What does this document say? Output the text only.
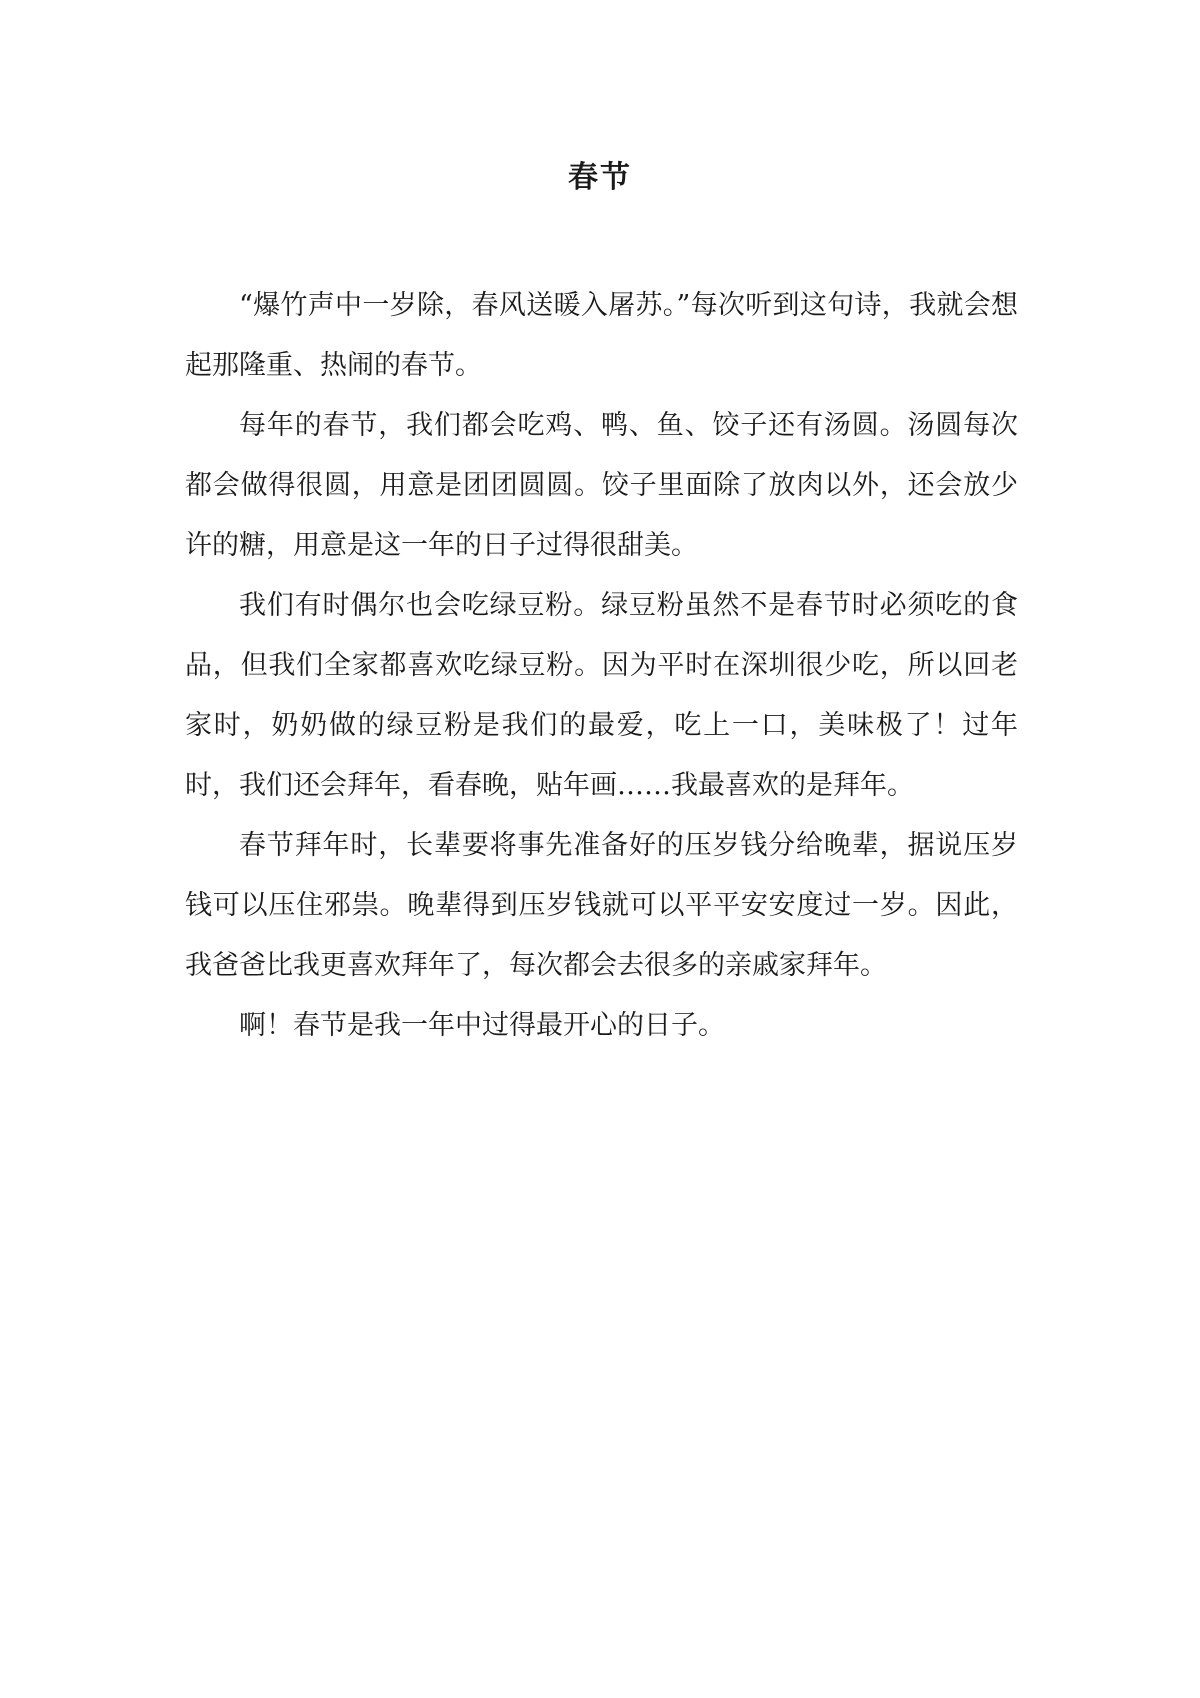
春节

“爆竹声中一岁除，春风送暖入屠苏。”每次听到这句诗，我就会想起那隆重、热闹的春节。

每年的春节，我们都会吃鸡、鸭、鱼、饺子还有汤圆。汤圆每次都会做得很圆，用意是团团圆圆。饺子里面除了放肉以外，还会放少许的糖，用意是这一年的日子过得很甜美。

我们有时偶尔也会吃绿豆粉。绿豆粉虽然不是春节时必须吃的食品，但我们全家都喜欢吃绿豆粉。因为平时在深圳很少吃，所以回老家时，奶奶做的绿豆粉是我们的最爱，吃上一口，美味极了！过年时，我们还会拜年，看春晚，贴年画……我最喜欢的是拜年。

春节拜年时，长辈要将事先准备好的压岁钱分给晚辈，据说压岁钱可以压住邪祟。晚辈得到压岁钱就可以平平安安度过一岁。因此，我爸爸比我更喜欢拜年了，每次都会去很多的亲戚家拜年。

啊！春节是我一年中过得最开心的日子。
